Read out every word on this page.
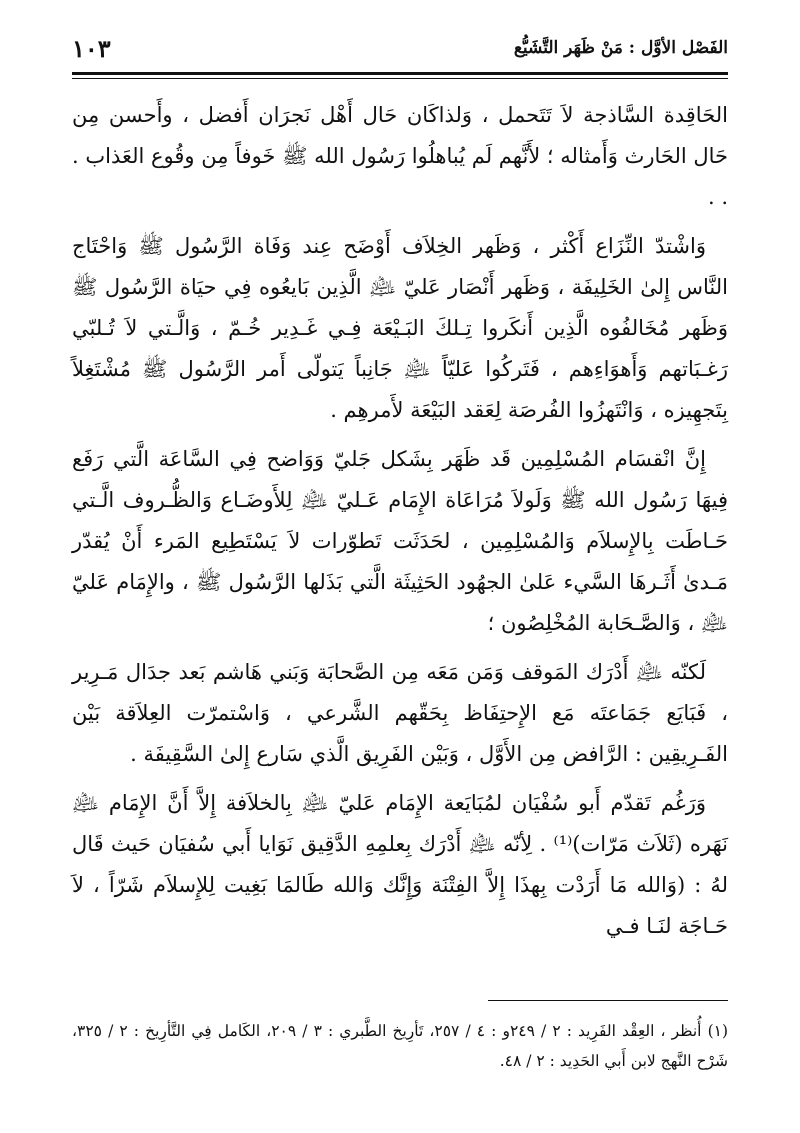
الفَصْل الأوَّل : مَنْ ظَهَر التَّشَيُّع
١٠٣

الحَاقِدة السَّاذجة لاَ تَتَحمل ، وَلذاكَان حَال أَهْل نَجرَان أَفضل ، وأَحسن مِن حَال الحَارث وَأَمثاله ؛ لأَنَّهم لَم يُباهلُوا رَسُول الله ﷺ خَوفاً مِن وقُوع العَذاب . . .

وَاشْتدّ النِّزَاع أَكْثر ، وَظَهر الخِلاَف أَوْضَح عِند وَفَاة الرَّسُول ﷺ وَاحْتَاج النَّاس إِلىٰ الخَلِيفَة ، وَظَهر أَنْصَار عَليّ ﵇ الَّذِين بَايعُوه فِي حيَاة الرَّسُول ﷺ وَظَهر مُخَالفُوه الَّذِين أَنكَروا تِـلكَ البَـيْعَة فِـي غَـدِير خُـمّ ، وَالَّـتي لاَ تُـلبّي رَغـبَاتهم وَأَهوَاءِهم ، فَتَركُوا عَليّاً ﵇ جَانِباً يَتولّى أَمر الرَّسُول ﷺ مُشْتَغِلاً بِتَجهِيزه ، وَانْتَهزُوا الفُرصَة لِعَقد البَيْعَة لأَمرهِم .

إِنَّ انْقسَام المُسْلِمِين قَد ظَهَر بِشَكل جَليّ وَوَاضح فِي السَّاعَة الَّتي رَفَع فِيهَا رَسُول الله ﷺ وَلَولاَ مُرَاعَاة الإِمَام عَـليّ ﵇ لِلأَوضَـاع وَالظُّـروف الَّـتي حَـاطَت بِالإِسلاَم وَالمُسْلِمِين ، لحَدَثَت تَطوّرات لاَ يَسْتَطِيع المَرء أَنْ يُقدّر مَـدىٰ أَثَـرهَا السَّيء عَلىٰ الجهُود الحَثِيثَة الَّتي بَذَلها الرَّسُول ﷺ ، والإِمَام عَليّ ﵇ ، وَالصَّـحَابة المُخْلِصُون ؛

لَكنّه ﵇ أَدْرَك المَوقف وَمَن مَعَه مِن الصَّحابَة وَبَني هَاشم بَعد جدَال مَـرِير ، فَبَايَع جَمَاعتَه مَع الإِحتِفَاظ بِحَقّهم الشَّرعي ، وَاسْتمرّت العِلاَقة بَيْن الفَـرِيقِين : الرَّافض مِن الأَوَّل ، وَبَيْن الفَرِيق الَّذي سَارع إِلىٰ السَّقِيفَة .

وَرَغُم تَقدّم أَبو سُفْيَان لمُبَايَعة الإِمَام عَليّ ﵇ بِالخلاَفة إِلاَّ أَنَّ الإِمَام ﵇ نَهَره (ثَلاَث مَرّات)⁽¹⁾ . لِأنّه ﵇ أَدْرَك بِعلمِهِ الدَّقِيق نَوَايا أَبي سُفيَان حَيث قَال لهُ : (وَالله مَا أَرَدْت بِهذَا إِلاَّ الفِتْنَة وَإِنَّك وَالله طَالمَا بَغِيت لِلإِسلاَم شَرّاً ، لاَ حَـاجَة لنَـا فـي

(١) أُنظر ، العِقْد الفَرِيد : ٢ / ٢٤٩و : ٤ / ٢٥٧، تَأرِيخ الطَّبري : ٣ / ٢٠٩، الكَامل فِي التَّأرِيخ : ٢ / ٣٢٥، شَرْح النَّهج لابن أَبي الحَدِيد : ٢ / ٤٨.
